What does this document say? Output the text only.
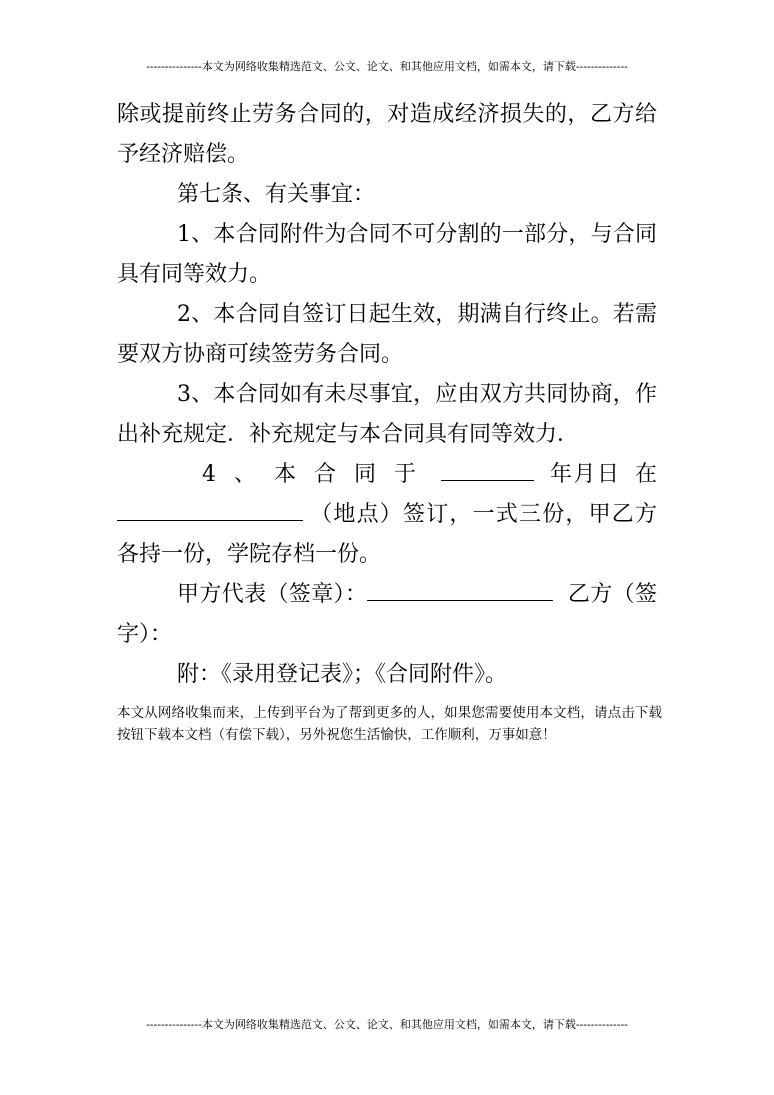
---------------本文为网络收集精选范文、公文、论文、和其他应用文档，如需本文，请下载--------------

除或提前终止劳务合同的，对造成经济损失的，乙方给予经济赔偿。

第七条、有关事宜：

1、本合同附件为合同不可分割的一部分，与合同具有同等效力。

2、本合同自签订日起生效，期满自行终止。若需要双方协商可续签劳务合同。

3、本合同如有未尽事宜，应由双方共同协商，作出补充规定．补充规定与本合同具有同等效力．

4、本合同于	年 月 日在
（地点）签订，一式三份，甲乙方各持一份，学院存档一份。

甲方代表（签章）：	乙方（签字）：

附：《录用登记表》；《合同附件》。

本文从网络收集而来，上传到平台为了帮到更多的人，如果您需要使用本文档，请点击下载按钮下载本文档（有偿下载），另外祝您生活愉快，工作顺利，万事如意！
---------------本文为网络收集精选范文、公文、论文、和其他应用文档，如需本文，请下载--------------
